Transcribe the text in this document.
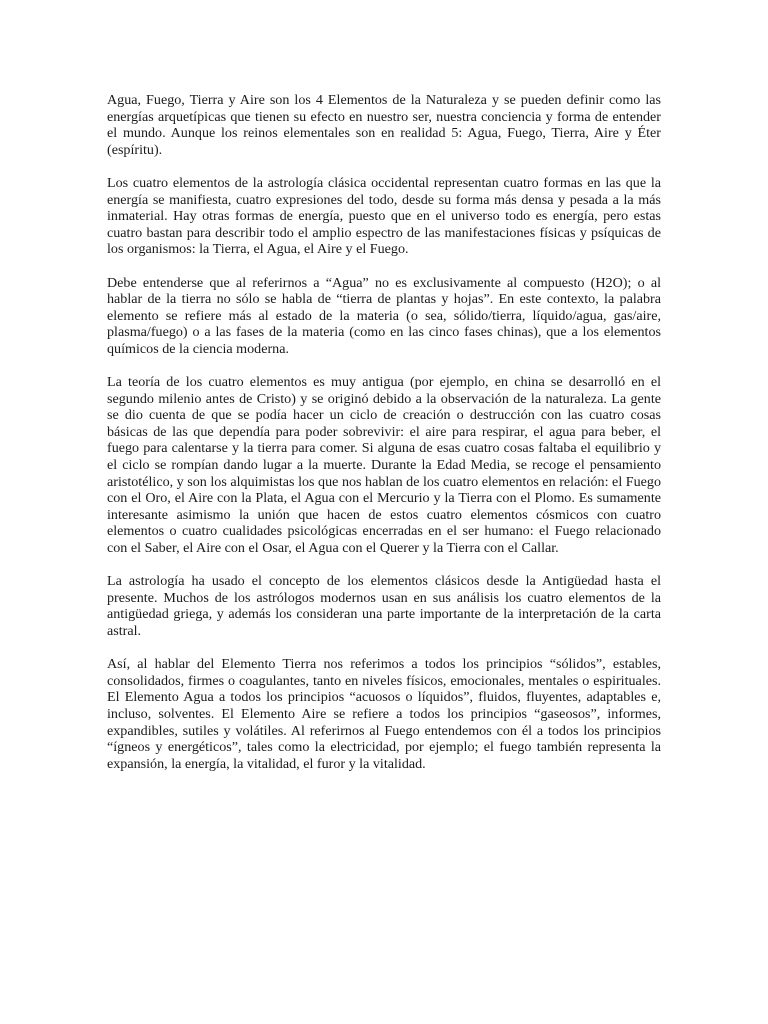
Agua, Fuego, Tierra y Aire son los 4 Elementos de la Naturaleza y se pueden definir como las energías arquetípicas que tienen su efecto en nuestro ser, nuestra conciencia y forma de entender el mundo. Aunque los reinos elementales son en realidad 5: Agua, Fuego, Tierra, Aire y Éter (espíritu).

Los cuatro elementos de la astrología clásica occidental representan cuatro formas en las que la energía se manifiesta, cuatro expresiones del todo, desde su forma más densa y pesada a la más inmaterial. Hay otras formas de energía, puesto que en el universo todo es energía, pero estas cuatro bastan para describir todo el amplio espectro de las manifestaciones físicas y psíquicas de los organismos: la Tierra, el Agua, el Aire y el Fuego.

Debe entenderse que al referirnos a “Agua” no es exclusivamente al compuesto (H2O); o al hablar de la tierra no sólo se habla de “tierra de plantas y hojas”. En este contexto, la palabra elemento se refiere más al estado de la materia (o sea, sólido/tierra, líquido/agua, gas/aire, plasma/fuego) o a las fases de la materia (como en las cinco fases chinas), que a los elementos químicos de la ciencia moderna.

La teoría de los cuatro elementos es muy antigua (por ejemplo, en china se desarrolló en el segundo milenio antes de Cristo) y se originó debido a la observación de la naturaleza. La gente se dio cuenta de que se podía hacer un ciclo de creación o destrucción con las cuatro cosas básicas de las que dependía para poder sobrevivir: el aire para respirar, el agua para beber, el fuego para calentarse y la tierra para comer. Si alguna de esas cuatro cosas faltaba el equilibrio y el ciclo se rompían dando lugar a la muerte. Durante la Edad Media, se recoge el pensamiento aristotélico, y son los alquimistas los que nos hablan de los cuatro elementos en relación: el Fuego con el Oro, el Aire con la Plata, el Agua con el Mercurio y la Tierra con el Plomo. Es sumamente interesante asimismo la unión que hacen de estos cuatro elementos cósmicos con cuatro elementos o cuatro cualidades psicológicas encerradas en el ser humano: el Fuego relacionado con el Saber, el Aire con el Osar, el Agua con el Querer y la Tierra con el Callar.

La astrología ha usado el concepto de los elementos clásicos desde la Antigüedad hasta el presente. Muchos de los astrólogos modernos usan en sus análisis los cuatro elementos de la antigüedad griega, y además los consideran una parte importante de la interpretación de la carta astral.

Así, al hablar del Elemento Tierra nos referimos a todos los principios “sólidos”, estables, consolidados, firmes o coagulantes, tanto en niveles físicos, emocionales, mentales o espirituales. El Elemento Agua a todos los principios “acuosos o líquidos”, fluidos, fluyentes, adaptables e, incluso, solventes. El Elemento Aire se refiere a todos los principios “gaseosos”, informes, expandibles, sutiles y volátiles. Al referirnos al Fuego entendemos con él a todos los principios “ígneos y energéticos”, tales como la electricidad, por ejemplo; el fuego también representa la expansión, la energía, la vitalidad, el furor y la vitalidad.
